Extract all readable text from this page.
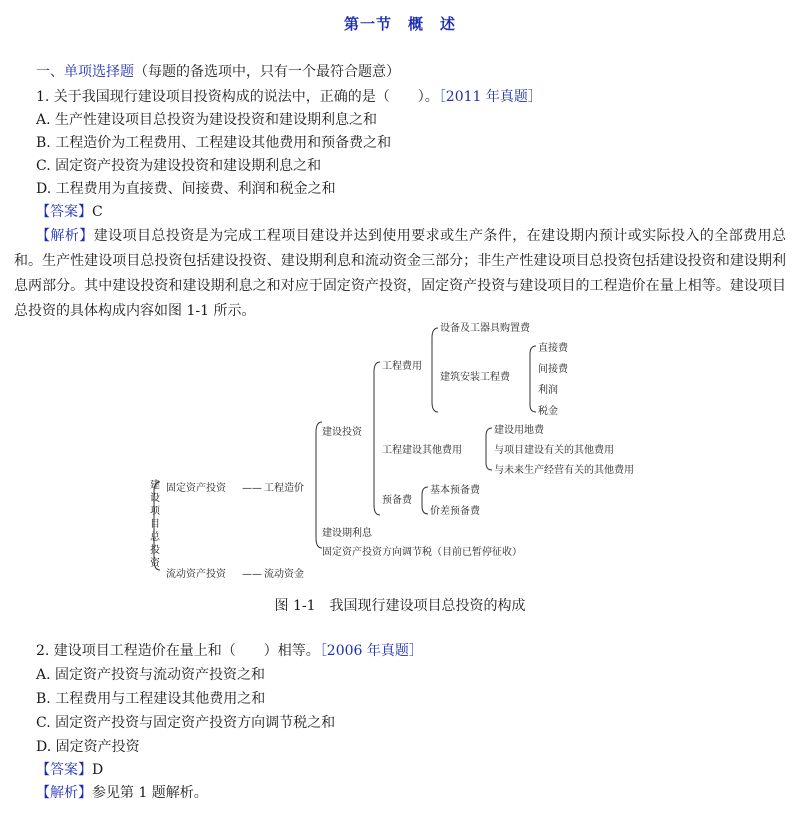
第一节　概　述
一、单项选择题（每题的备选项中，只有一个最符合题意）
1. 关于我国现行建设项目投资构成的说法中，正确的是（　　）。［2011 年真题］
A. 生产性建设项目总投资为建设投资和建设期利息之和
B. 工程造价为工程费用、工程建设其他费用和预备费之和
C. 固定资产投资为建设投资和建设期利息之和
D. 工程费用为直接费、间接费、利润和税金之和
【答案】C
【解析】建设项目总投资是为完成工程项目建设并达到使用要求或生产条件，在建设期内预计或实际投入的全部费用总和。生产性建设项目总投资包括建设投资、建设期利息和流动资金三部分；非生产性建设项目总投资包括建设投资和建设期利息两部分。其中建设投资和建设期利息之和对应于固定资产投资，固定资产投资与建设项目的工程造价在量上相等。建设项目总投资的具体构成内容如图 1-1 所示。
建
设
项
目
总
投
资
固定资产投资 —— 工程造价
建设投资
工程费用
设备及工器具购置费
建筑安装工程费
直接费
间接费
利润
税金
工程建设其他费用
建设用地费
与项目建设有关的其他费用
与未来生产经营有关的其他费用
预备费
基本预备费
价差预备费
建设期利息
固定资产投资方向调节税（目前已暂停征收）
流动资产投资 —— 流动资金
图 1-1　我国现行建设项目总投资的构成
2. 建设项目工程造价在量上和（　　）相等。［2006 年真题］
A. 固定资产投资与流动资产投资之和
B. 工程费用与工程建设其他费用之和
C. 固定资产投资与固定资产投资方向调节税之和
D. 固定资产投资
【答案】D
【解析】参见第 1 题解析。
